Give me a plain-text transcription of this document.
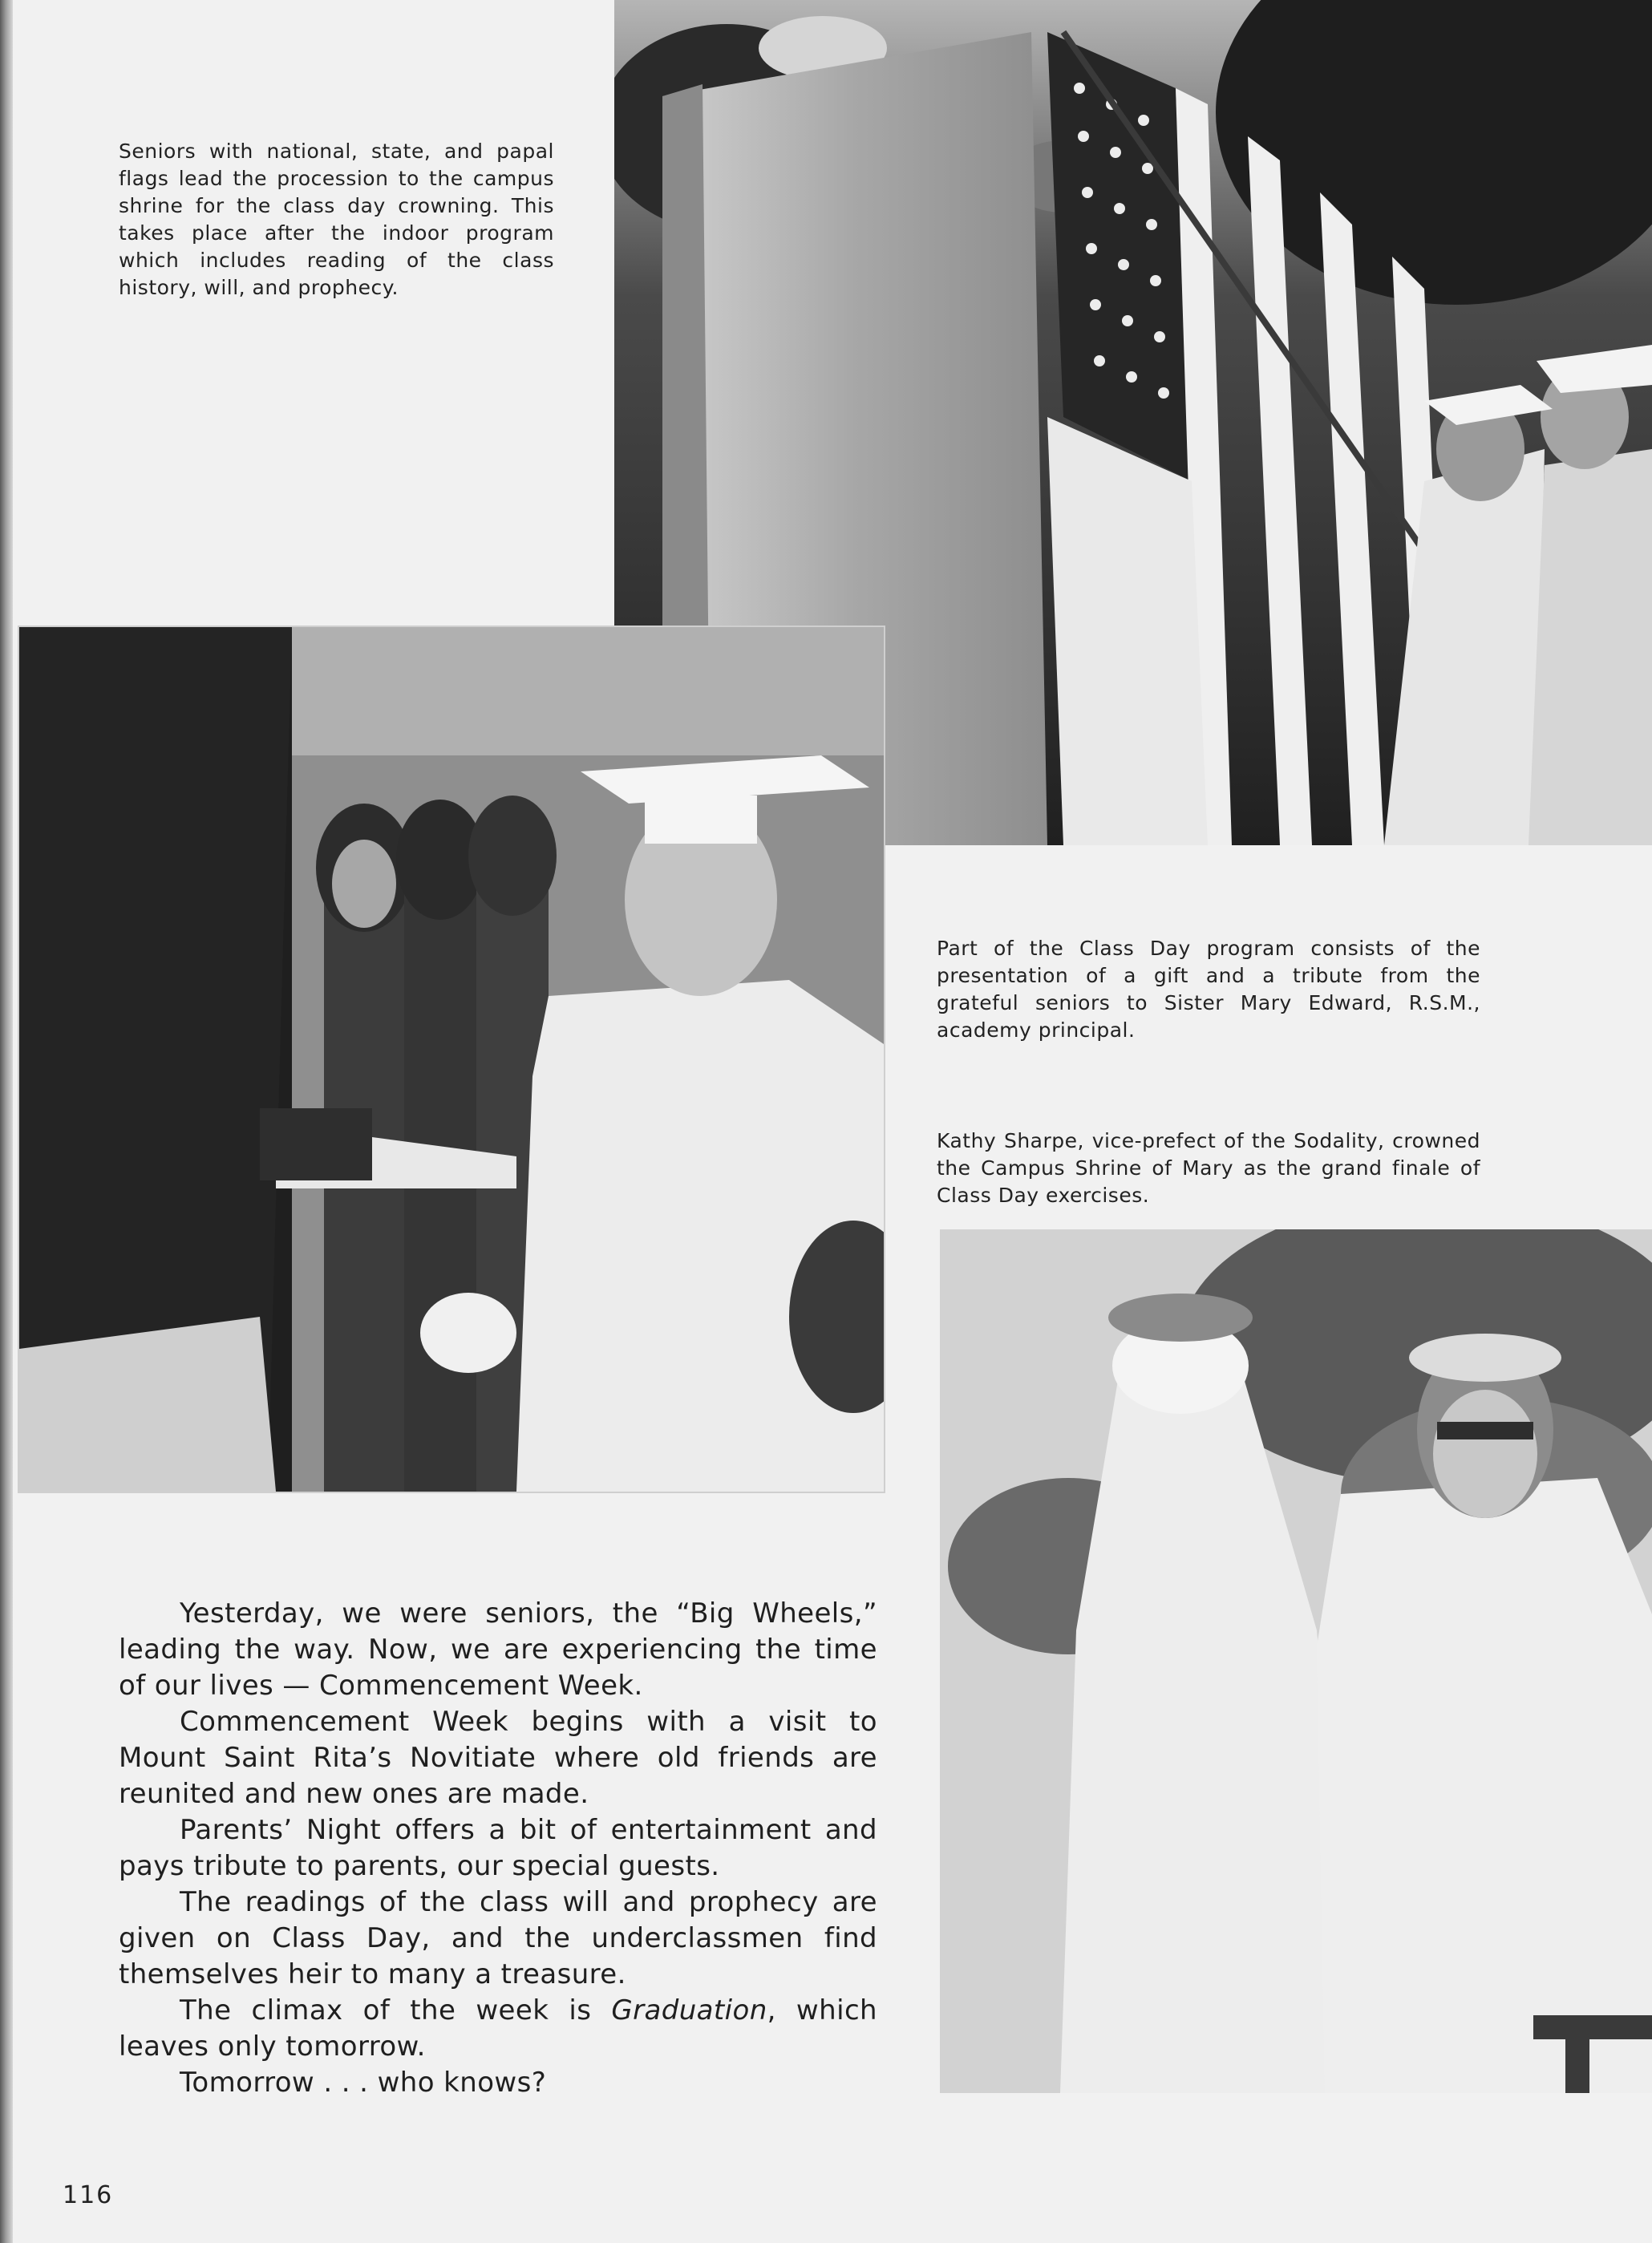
Seniors with national, state, and papal flags lead the procession to the campus shrine for the class day crowning. This takes place after the indoor program which includes reading of the class history, will, and prophecy.

Part of the Class Day program consists of the presentation of a gift and a tribute from the grateful seniors to Sister Mary Edward, R.S.M., academy principal.

Kathy Sharpe, vice-prefect of the Sodality, crowned the Campus Shrine of Mary as the grand finale of Class Day exercises.

Yesterday, we were seniors, the “Big Wheels,” leading the way. Now, we are experiencing the time of our lives — Commencement Week.

Commencement Week begins with a visit to Mount Saint Rita’s Novitiate where old friends are reunited and new ones are made.

Parents’ Night offers a bit of entertainment and pays tribute to parents, our special guests.

The readings of the class will and prophecy are given on Class Day, and the underclassmen find themselves heir to many a treasure.

The climax of the week is Graduation, which leaves only tomorrow.

Tomorrow . . . who knows?

116
